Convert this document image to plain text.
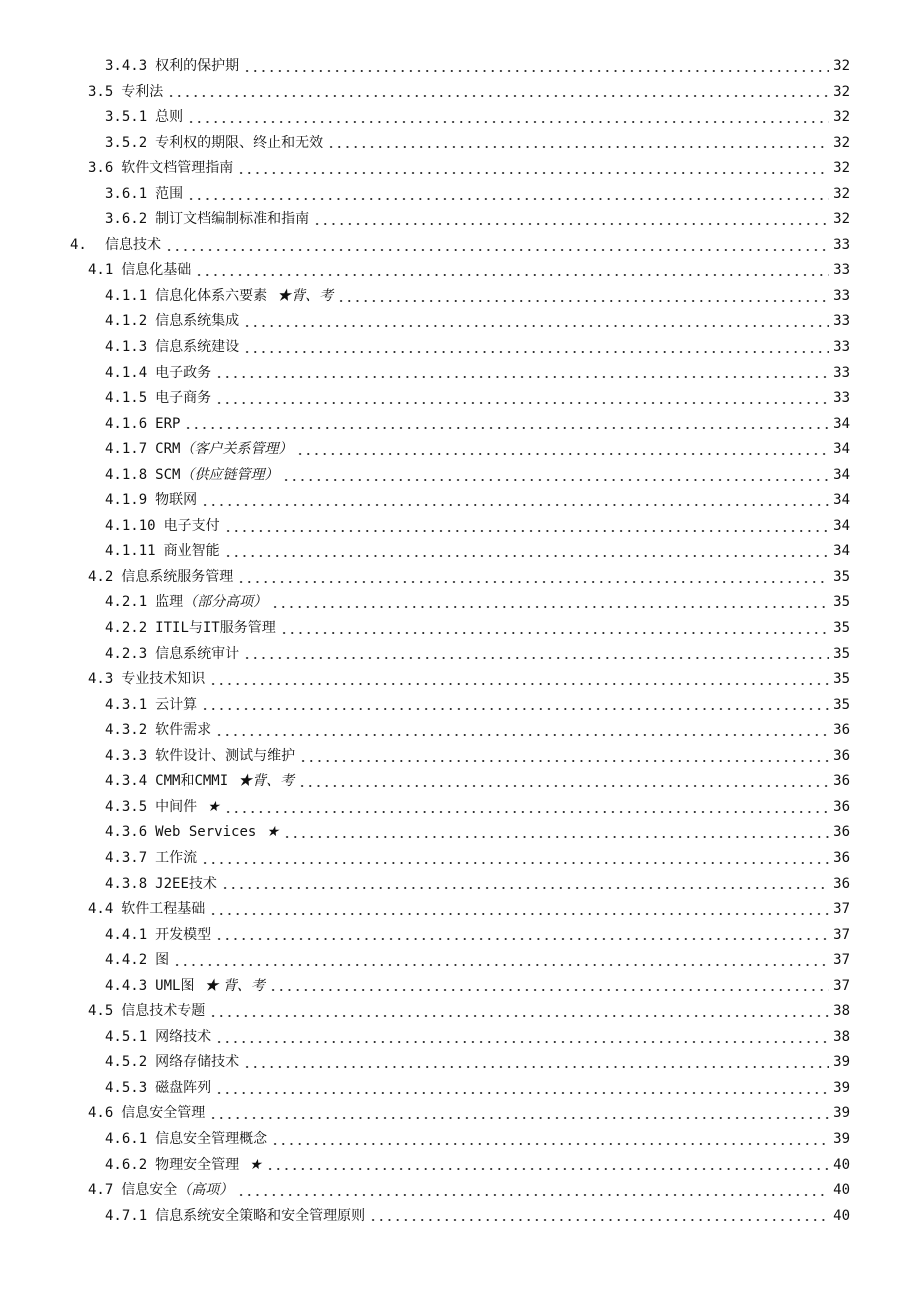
3.4.3 权利的保护期	32
3.5 专利法	32
3.5.1 总则	32
3.5.2 专利权的期限、终止和无效	32
3.6 软件文档管理指南	32
3.6.1 范围	32
3.6.2 制订文档编制标准和指南	32
4.	信息技术	33
4.1 信息化基础	33
4.1.1 信息化体系六要素 ★背、考	33
4.1.2 信息系统集成	33
4.1.3 信息系统建设	33
4.1.4 电子政务	33
4.1.5 电子商务	33
4.1.6 ERP	34
4.1.7 CRM （客户关系管理）	34
4.1.8 SCM （供应链管理）	34
4.1.9 物联网	34
4.1.10 电子支付	34
4.1.11 商业智能	34
4.2 信息系统服务管理	35
4.2.1 监理 （部分高项）	35
4.2.2 ITIL与IT服务管理	35
4.2.3 信息系统审计	35
4.3 专业技术知识	35
4.3.1 云计算	35
4.3.2 软件需求	36
4.3.3 软件设计、测试与维护	36
4.3.4 CMM和CMMI ★背、考	36
4.3.5 中间件 ★	36
4.3.6 Web Services ★	36
4.3.7 工作流	36
4.3.8 J2EE技术	36
4.4 软件工程基础	37
4.4.1 开发模型	37
4.4.2 图	37
4.4.3 UML图 ★ 背、考	37
4.5 信息技术专题	38
4.5.1 网络技术	38
4.5.2 网络存储技术	39
4.5.3 磁盘阵列	39
4.6 信息安全管理	39
4.6.1 信息安全管理概念	39
4.6.2 物理安全管理 ★	40
4.7 信息安全 （高项）	40
4.7.1 信息系统安全策略和安全管理原则	40
